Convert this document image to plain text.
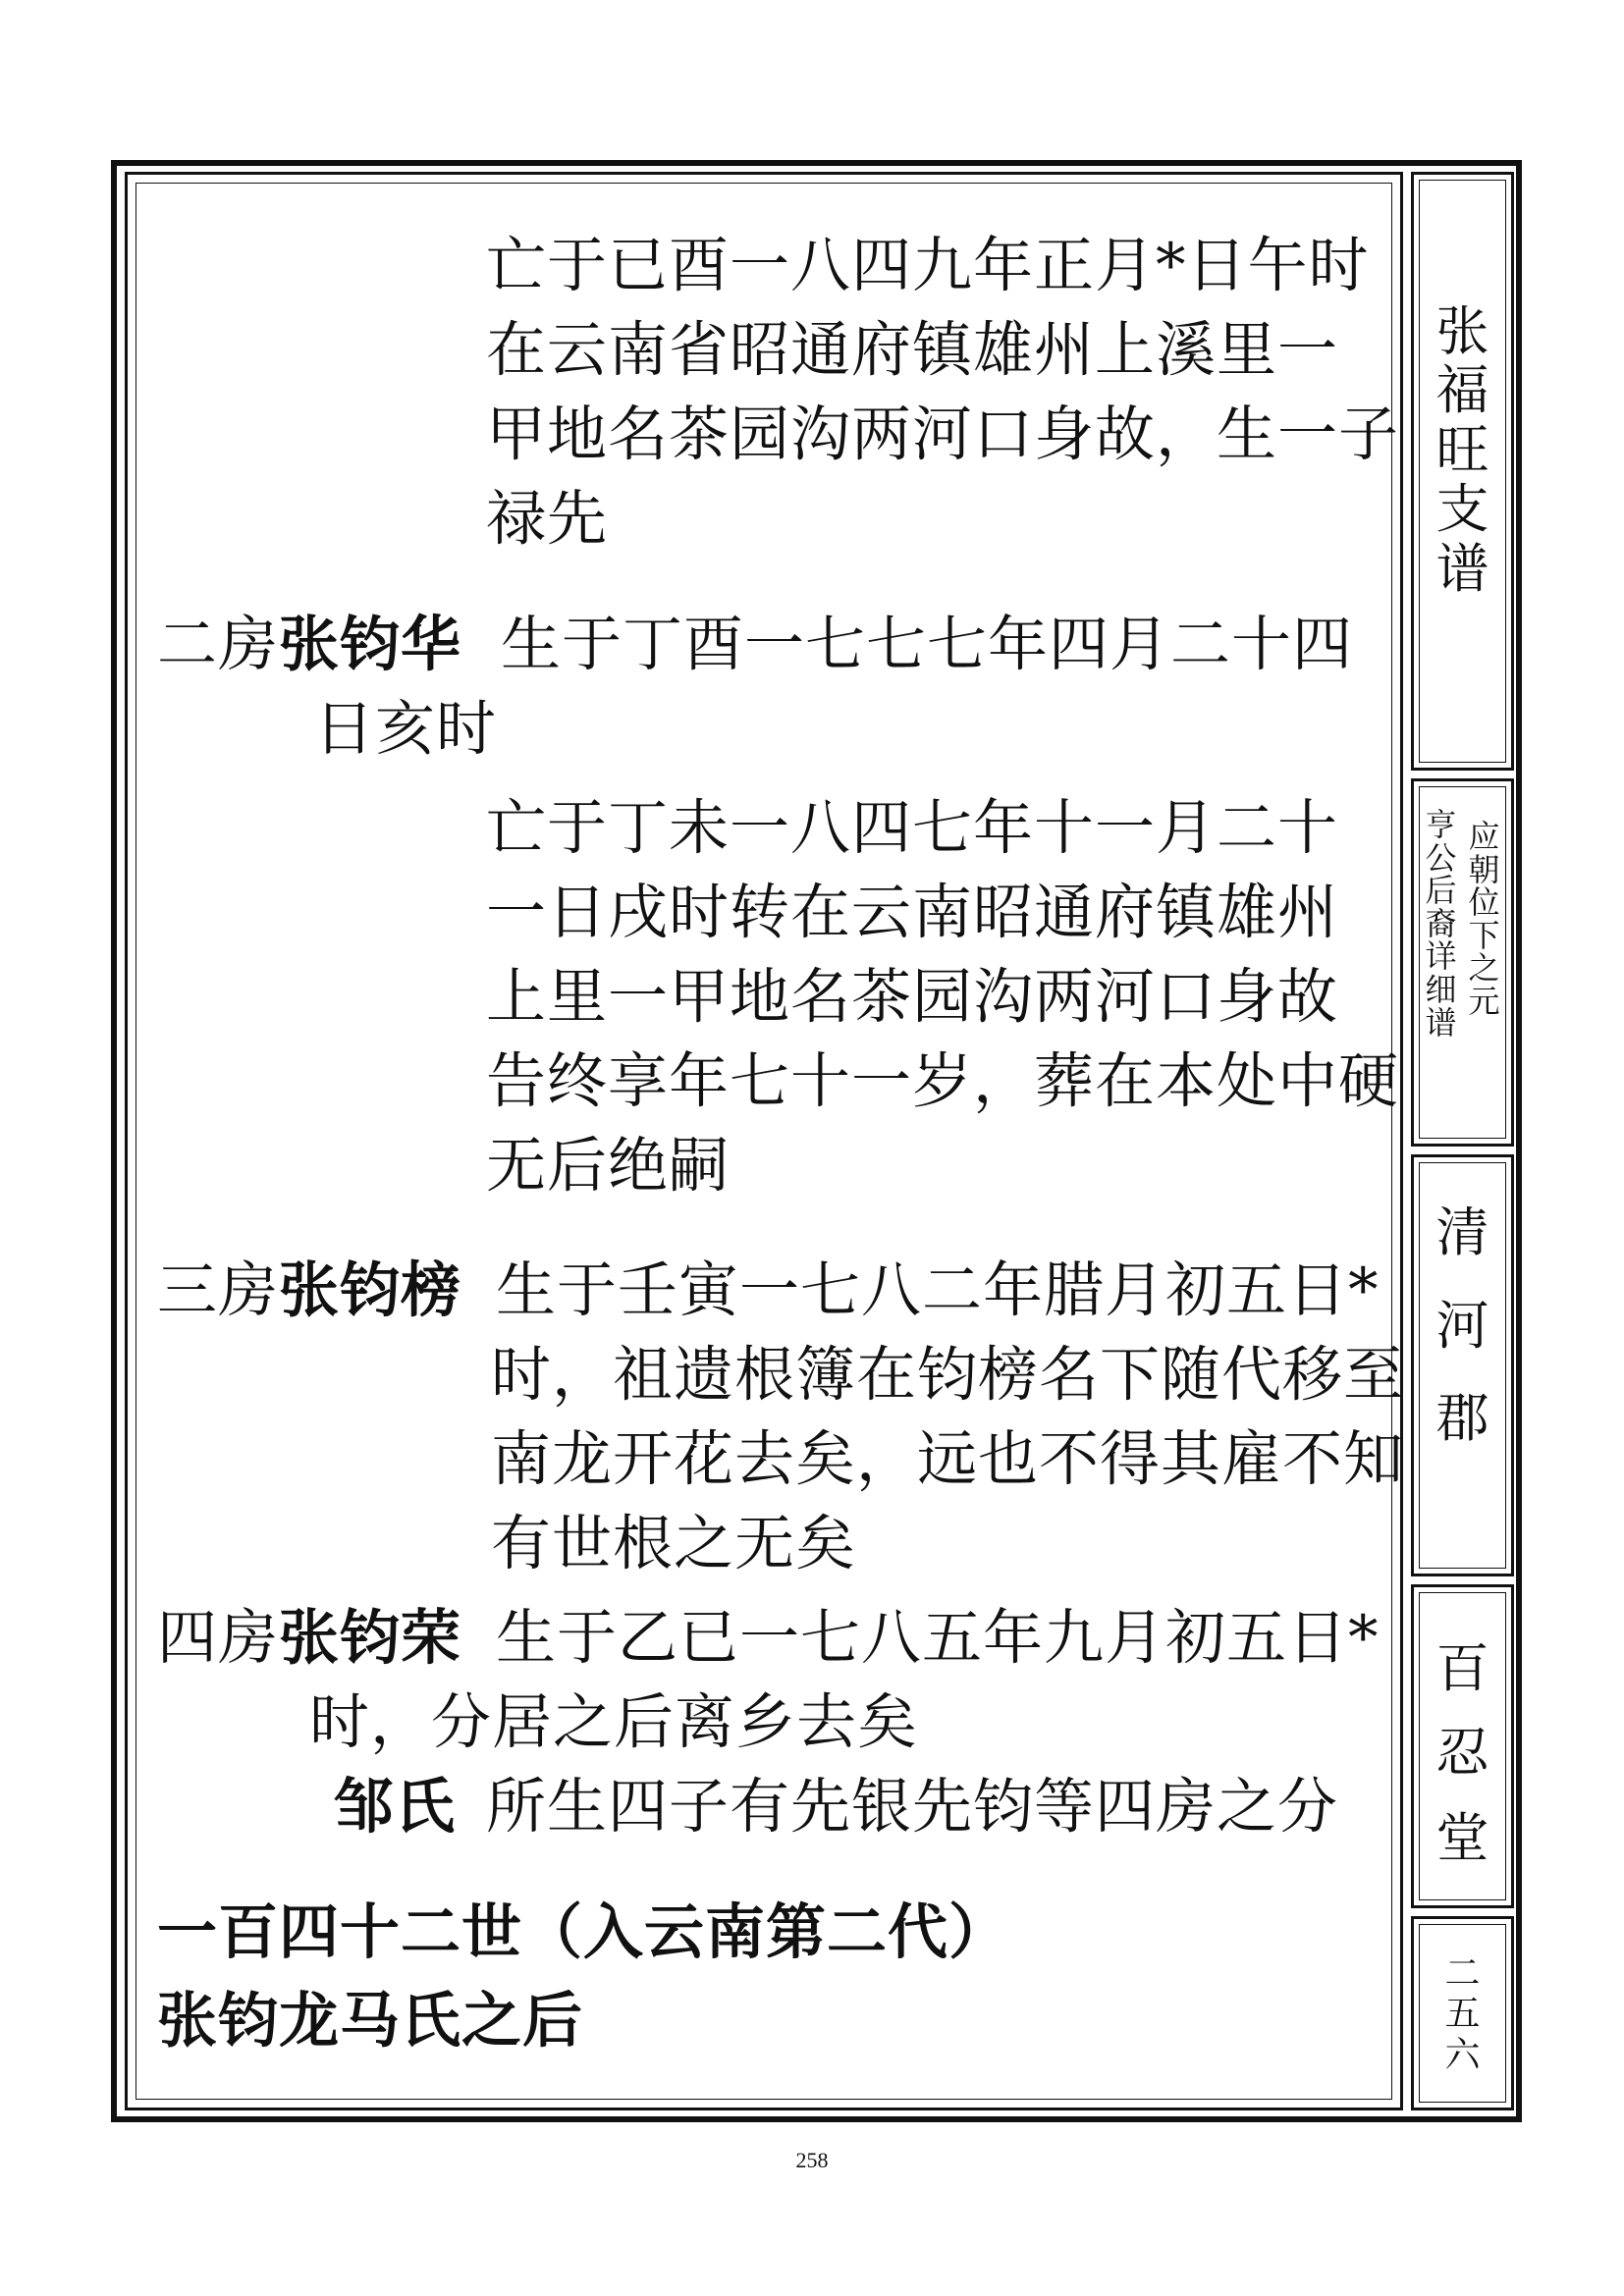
张
福
旺
支
谱
应
朝
位
下
之
元
亨
公
后
裔
详
细
谱
清
河
郡
百
忍
堂
二
五
六
亡于已酉一八四九年正月*日午时
在云南省昭通府镇雄州上溪里一
甲地名茶园沟两河口身故，生一子
禄先
二房张钧华 生于丁酉一七七七年四月二十四
日亥时
亡于丁未一八四七年十一月二十
一日戌时转在云南昭通府镇雄州
上里一甲地名茶园沟两河口身故
告终享年七十一岁，葬在本处中硬
无后绝嗣
三房张钧榜 生于壬寅一七八二年腊月初五日*
时，祖遗根簿在钧榜名下随代移至
南龙开花去矣，远也不得其雇不知
有世根之无矣
四房张钧荣 生于乙已一七八五年九月初五日*
时，分居之后离乡去矣
邹氏 所生四子有先银先钧等四房之分
一百四十二世（入云南第二代）
张钧龙马氏之后
258
